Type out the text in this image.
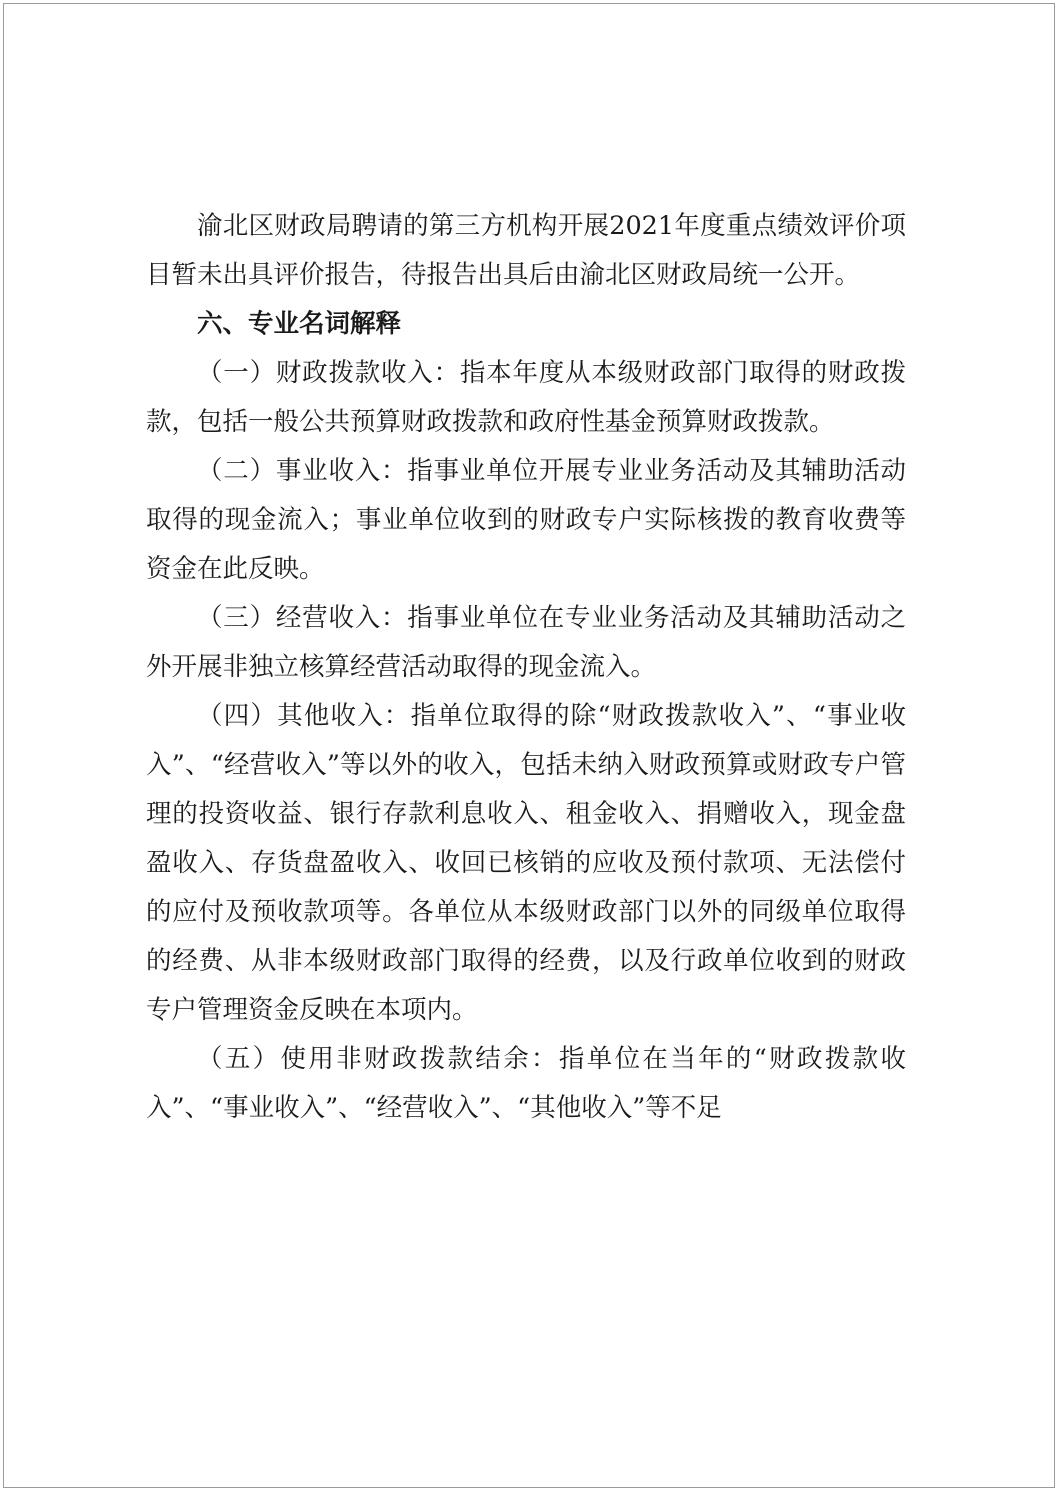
渝北区财政局聘请的第三方机构开展2021年度重点绩效评价项目暂未出具评价报告，待报告出具后由渝北区财政局统一公开。

六、专业名词解释

（一）财政拨款收入：指本年度从本级财政部门取得的财政拨款，包括一般公共预算财政拨款和政府性基金预算财政拨款。

（二）事业收入：指事业单位开展专业业务活动及其辅助活动取得的现金流入；事业单位收到的财政专户实际核拨的教育收费等资金在此反映。

（三）经营收入：指事业单位在专业业务活动及其辅助活动之外开展非独立核算经营活动取得的现金流入。

（四）其他收入：指单位取得的除“财政拨款收入”、“事业收入”、“经营收入”等以外的收入，包括未纳入财政预算或财政专户管理的投资收益、银行存款利息收入、租金收入、捐赠收入，现金盘盈收入、存货盘盈收入、收回已核销的应收及预付款项、无法偿付的应付及预收款项等。各单位从本级财政部门以外的同级单位取得的经费、从非本级财政部门取得的经费，以及行政单位收到的财政专户管理资金反映在本项内。

（五）使用非财政拨款结余：指单位在当年的“财政拨款收入”、“事业收入”、“经营收入”、“其他收入”等不足
